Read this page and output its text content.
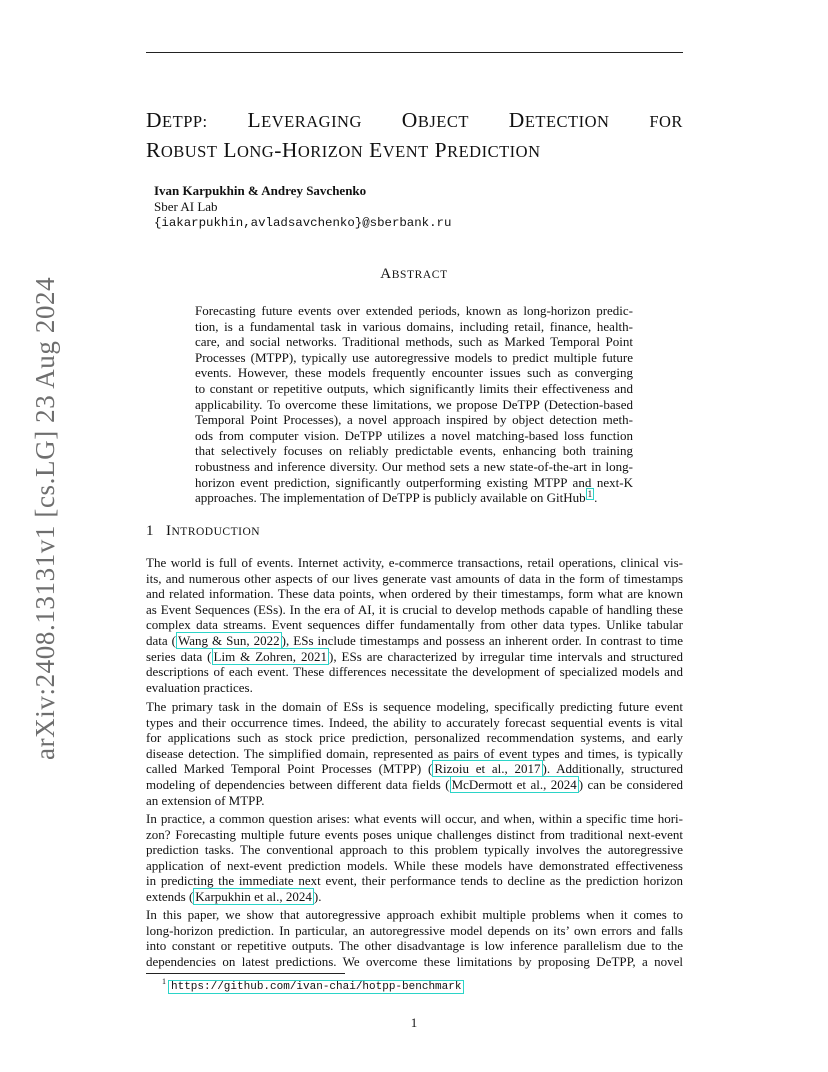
DETPP: LEVERAGING OBJECT DETECTION FOR
ROBUST LONG-HORIZON EVENT PREDICTION
Ivan Karpukhin & Andrey Savchenko
Sber AI Lab
{iakarpukhin,avladsavchenko}@sberbank.ru
ABSTRACT
Forecasting future events over extended periods, known as long-horizon predic-
tion, is a fundamental task in various domains, including retail, finance, health-
care, and social networks. Traditional methods, such as Marked Temporal Point
Processes (MTPP), typically use autoregressive models to predict multiple future
events. However, these models frequently encounter issues such as converging
to constant or repetitive outputs, which significantly limits their effectiveness and
applicability. To overcome these limitations, we propose DeTPP (Detection-based
Temporal Point Processes), a novel approach inspired by object detection meth-
ods from computer vision. DeTPP utilizes a novel matching-based loss function
that selectively focuses on reliably predictable events, enhancing both training
robustness and inference diversity. Our method sets a new state-of-the-art in long-
horizon event prediction, significantly outperforming existing MTPP and next-K
approaches. The implementation of DeTPP is publicly available on GitHub $^1$ .
1 INTRODUCTION
The world is full of events. Internet activity, e-commerce transactions, retail operations, clinical vis-
its, and numerous other aspects of our lives generate vast amounts of data in the form of timestamps
and related information. These data points, when ordered by their timestamps, form what are known
as Event Sequences (ESs). In the era of AI, it is crucial to develop methods capable of handling these
complex data streams. Event sequences differ fundamentally from other data types. Unlike tabular
data ( Wang & Sun, 2022 ), ESs include timestamps and possess an inherent order. In contrast to time
series data ( Lim & Zohren, 2021 ), ESs are characterized by irregular time intervals and structured
descriptions of each event. These differences necessitate the development of specialized models and
evaluation practices.
The primary task in the domain of ESs is sequence modeling, specifically predicting future event
types and their occurrence times. Indeed, the ability to accurately forecast sequential events is vital
for applications such as stock price prediction, personalized recommendation systems, and early
disease detection. The simplified domain, represented as pairs of event types and times, is typically
called Marked Temporal Point Processes (MTPP) ( Rizoiu et al., 2017 ). Additionally, structured
modeling of dependencies between different data fields ( McDermott et al., 2024 ) can be considered
an extension of MTPP.
In practice, a common question arises: what events will occur, and when, within a specific time hori-
zon? Forecasting multiple future events poses unique challenges distinct from traditional next-event
prediction tasks. The conventional approach to this problem typically involves the autoregressive
application of next-event prediction models. While these models have demonstrated effectiveness
in predicting the immediate next event, their performance tends to decline as the prediction horizon
extends ( Karpukhin et al., 2024 ).
In this paper, we show that autoregressive approach exhibit multiple problems when it comes to
long-horizon prediction. In particular, an autoregressive model depends on its’ own errors and falls
into constant or repetitive outputs. The other disadvantage is low inference parallelism due to the
dependencies on latest predictions. We overcome these limitations by proposing DeTPP, a novel
arXiv:2408.13131v1 [cs.LG] 23 Aug 2024
$^1$ https://github.com/ivan-chai/hotpp-benchmark
1
